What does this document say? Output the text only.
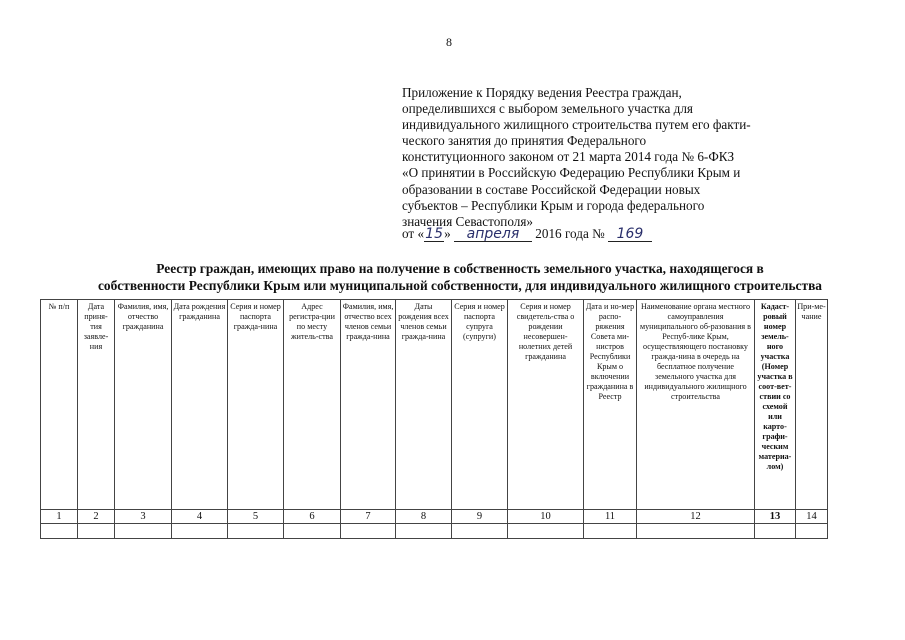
8
Приложение к Порядку ведения Реестра граждан,
определившихся с выбором земельного участка для
индивидуального жилищного строительства путем его факти-
ческого занятия до принятия Федерального
конституционного законом от 21 марта 2014 года № 6-ФКЗ
«О принятии в Российскую Федерацию Республики Крым и
образовании в составе Российской Федерации новых
субъектов – Республики Крым и города федерального
значения Севастополя»
от «15» апреля 2016 года № 169
Реестр граждан, имеющих право на получение в собственность земельного участка, находящегося в
собственности Республики Крым или муниципальной собственности, для индивидуального жилищного строительства
№ п/п	Дата приня-тия заявле-ния	Фамилия, имя, отчество гражданина	Дата рождения гражданина	Серия и номер паспорта гражда-нина	Адрес регистра-ции по месту житель-ства	Фамилия, имя, отчество всех членов семьи гражда-нина	Даты рождения всех членов семьи гражда-нина	Серия и номер паспорта супруга (супруги)	Серия и номер свидетель-ства о рождении несовершен-нолетних детей гражданина	Дата и но-мер распо-ряжения Совета ми-нистров Республики Крым о включении гражданина в Реестр	Наименование органа местного самоуправления муниципального об-разования в Респуб-лике Крым, осуществляющего постановку гражда-нина в очередь на бесплатное получение земельного участка для индивидуального жилищного строительства	Кадаст-ровый номер земель-ного участка (Номер участка в соот-вет-ствии со схемой или карто-графи-ческим материа-лом)	При-ме-чание
1	2	3	4	5	6	7	8	9	10	11	12	13	14
